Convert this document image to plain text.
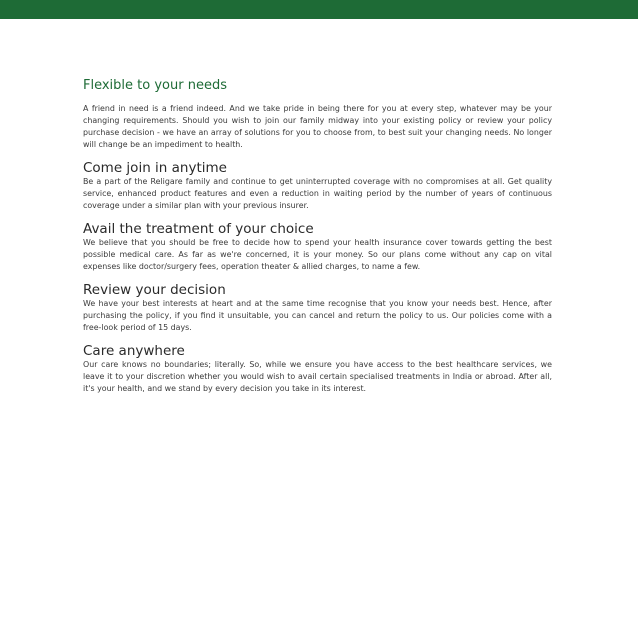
Flexible to your needs

A friend in need is a friend indeed. And we take pride in being there for you at every step, whatever may be your changing requirements. Should you wish to join our family midway into your existing policy or review your policy purchase decision - we have an array of solutions for you to choose from, to best suit your changing needs. No longer will change be an impediment to health.

Come join in anytime

Be a part of the Religare family and continue to get uninterrupted coverage with no compromises at all. Get quality service, enhanced product features and even a reduction in waiting period by the number of years of continuous coverage under a similar plan with your previous insurer.

Avail the treatment of your choice

We believe that you should be free to decide how to spend your health insurance cover towards getting the best possible medical care. As far as we're concerned, it is your money. So our plans come without any cap on vital expenses like doctor/surgery fees, operation theater & allied charges, to name a few.

Review your decision

We have your best interests at heart and at the same time recognise that you know your needs best. Hence, after purchasing the policy, if you find it unsuitable, you can cancel and return the policy to us. Our policies come with a free-look period of 15 days.

Care anywhere

Our care knows no boundaries; literally. So, while we ensure you have access to the best healthcare services, we leave it to your discretion whether you would wish to avail certain specialised treatments in India or abroad. After all, it's your health, and we stand by every decision you take in its interest.
